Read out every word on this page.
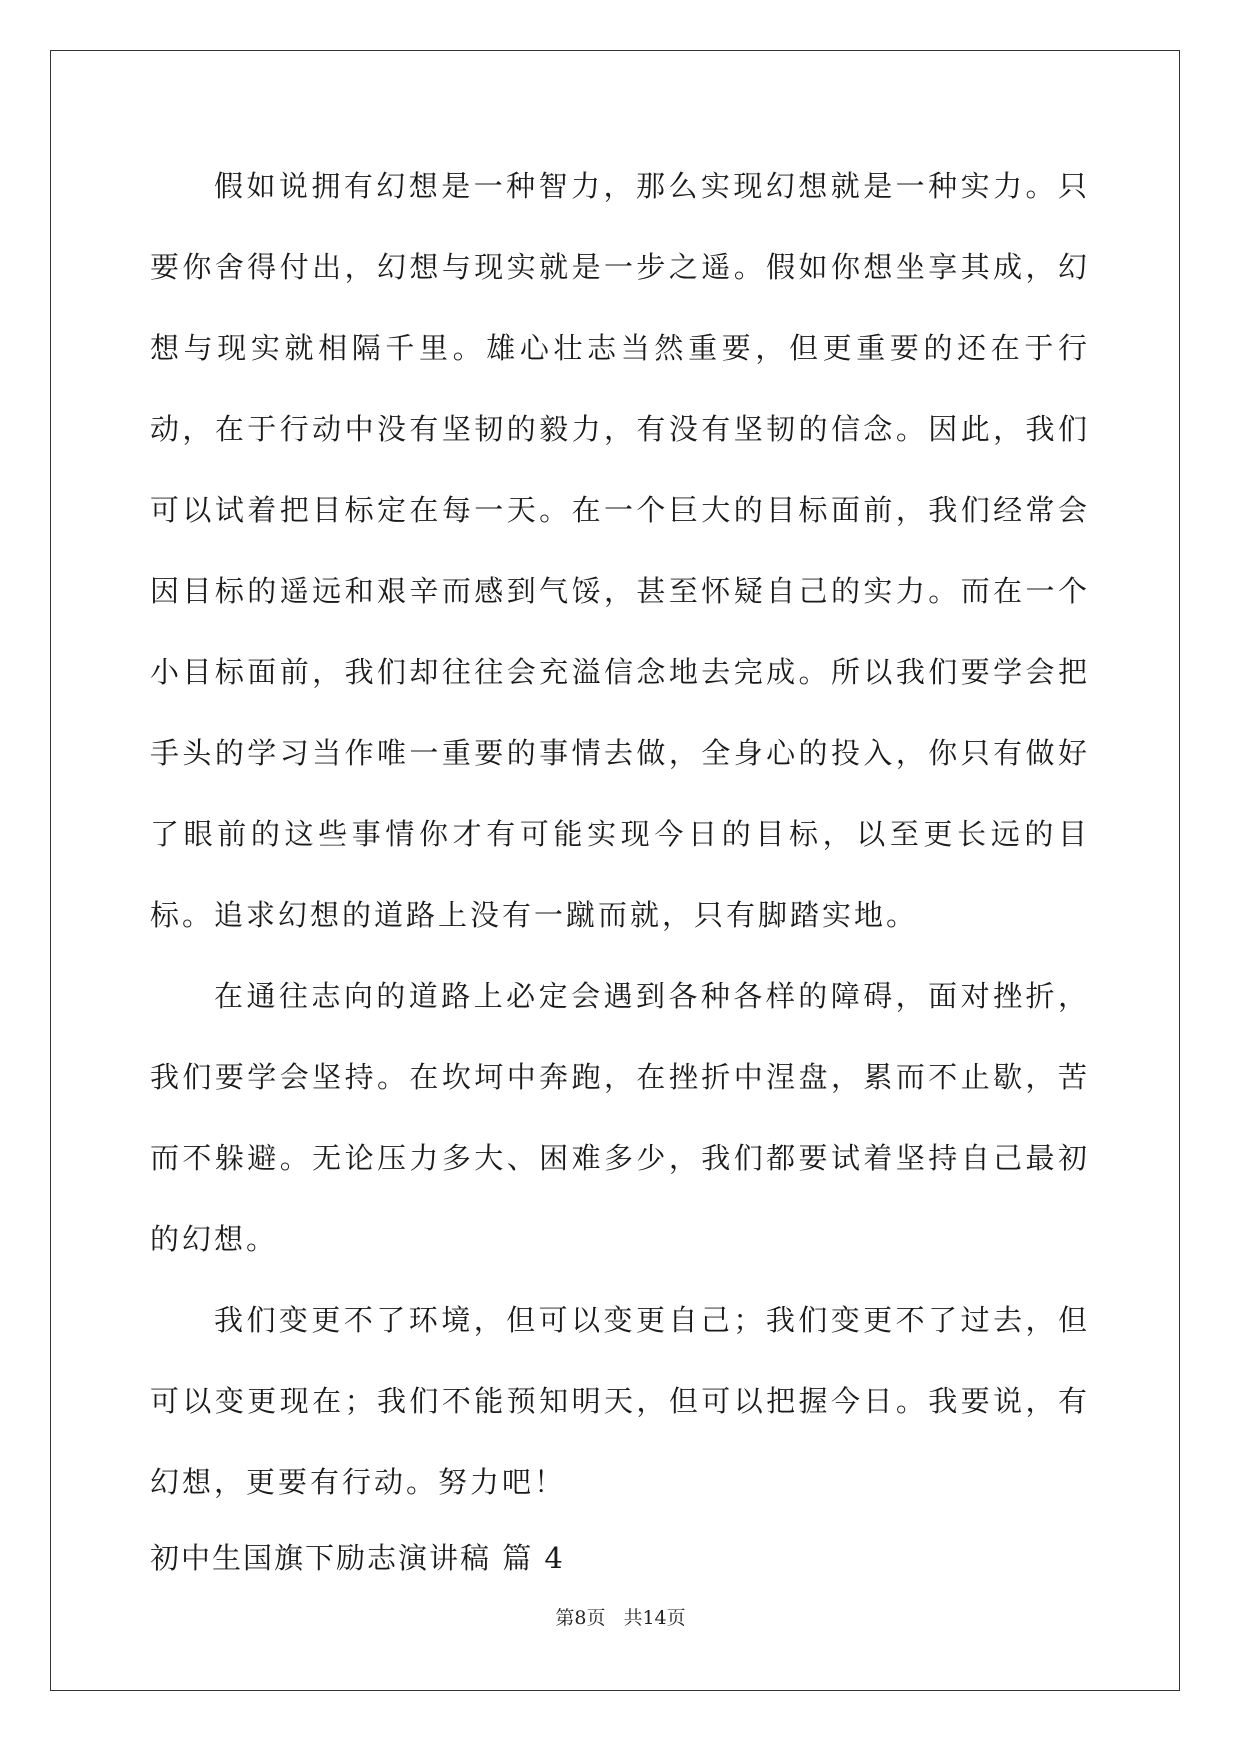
假如说拥有幻想是一种智力，那么实现幻想就是一种实力。只要你舍得付出，幻想与现实就是一步之遥。假如你想坐享其成，幻想与现实就相隔千里。雄心壮志当然重要，但更重要的还在于行动，在于行动中没有坚韧的毅力，有没有坚韧的信念。因此，我们可以试着把目标定在每一天。在一个巨大的目标面前，我们经常会因目标的遥远和艰辛而感到气馁，甚至怀疑自己的实力。而在一个小目标面前，我们却往往会充溢信念地去完成。所以我们要学会把手头的学习当作唯一重要的事情去做，全身心的投入，你只有做好了眼前的这些事情你才有可能实现今日的目标，以至更长远的目标。追求幻想的道路上没有一蹴而就，只有脚踏实地。

在通往志向的道路上必定会遇到各种各样的障碍，面对挫折，我们要学会坚持。在坎坷中奔跑，在挫折中涅盘，累而不止歇，苦而不躲避。无论压力多大、困难多少，我们都要试着坚持自己最初的幻想。

我们变更不了环境，但可以变更自己；我们变更不了过去，但可以变更现在；我们不能预知明天，但可以把握今日。我要说，有幻想，更要有行动。努力吧！

初中生国旗下励志演讲稿 篇 4

第8页 共14页
